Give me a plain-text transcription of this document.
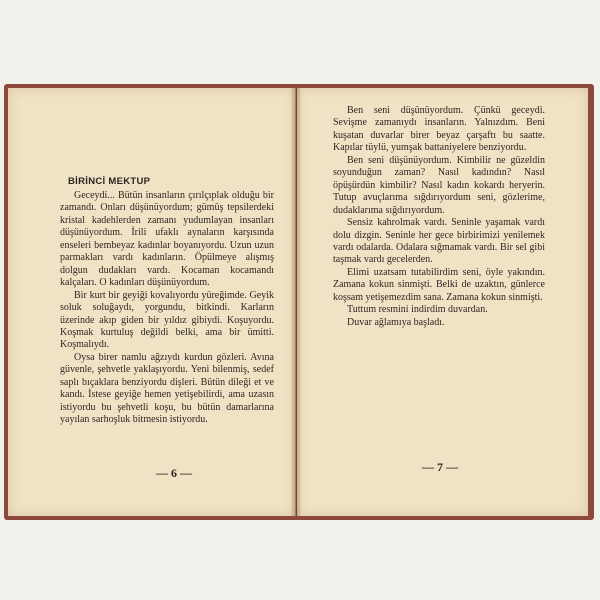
BİRİNCİ MEKTUP

Geceydi... Bütün insanların çırılçıplak olduğu bir zamandı. Onları düşünüyordum; gümüş tepsilerdeki kristal kadehlerden zamanı yudumlayan insanları düşünüyordum. İrili ufaklı aynaların karşısında enseleri bembeyaz kadınlar boyanıyordu. Uzun uzun parmakları vardı kadınların. Öpülmeye alışmış dolgun dudakları vardı. Kocaman kocamandı kalçaları. O kadınları düşünüyordum.

Bir kurt bir geyiği kovalıyordu yüreğimde. Geyik soluk soluğaydı, yorgundu, bitkindi. Karların üzerinde akıp giden bir yıldız gibiydi. Koşuyordu. Koşmak kurtuluş değildi belki, ama bir ümitti. Koşmalıydı.

Oysa birer namlu ağzıydı kurdun gözleri. Avına güvenle, şehvetle yaklaşıyordu. Yeni bilenmiş, sedef saplı bıçaklara benziyordu dişleri. Bütün dileği et ve kandı. İstese geyiğe hemen yetişebilirdi, ama uzasın istiyordu bu şehvetli koşu, bu bütün damarlarına yayılan sarhoşluk bitmesin istiyordu.

Ben seni düşünüyordum. Çünkü geceydi. Sevişme zamanıydı insanların. Yalnızdım. Beni kuşatan duvarlar birer beyaz çarşaftı bu saatte. Kapılar tüylü, yumşak battaniyelere benziyordu.

Ben seni düşünüyordum. Kimbilir ne güzeldin soyunduğun zaman? Nasıl kadındın? Nasıl öpüşürdün kimbilir? Nasıl kadın kokardı heryerin. Tutup avuçlarıma sığdırıyordum seni, gözlerime, dudaklarıma sığdırıyordum.

Sensiz kahrolmak vardı. Seninle yaşamak vardı dolu dizgin. Seninle her gece birbirimizi yenilemek vardı odalarda. Odalara sığmamak vardı. Bir sel gibi taşmak vardı gecelerden.

Elimi uzatsam tutabilirdim seni, öyle yakındın. Zamana kokun sinmişti. Belki de uzaktın, günlerce koşsam yetişemezdim sana. Zamana kokun sinmişti.

Tuttum resmini indirdim duvardan.

Duvar ağlamıya başladı.

— 6 —	— 7 —
